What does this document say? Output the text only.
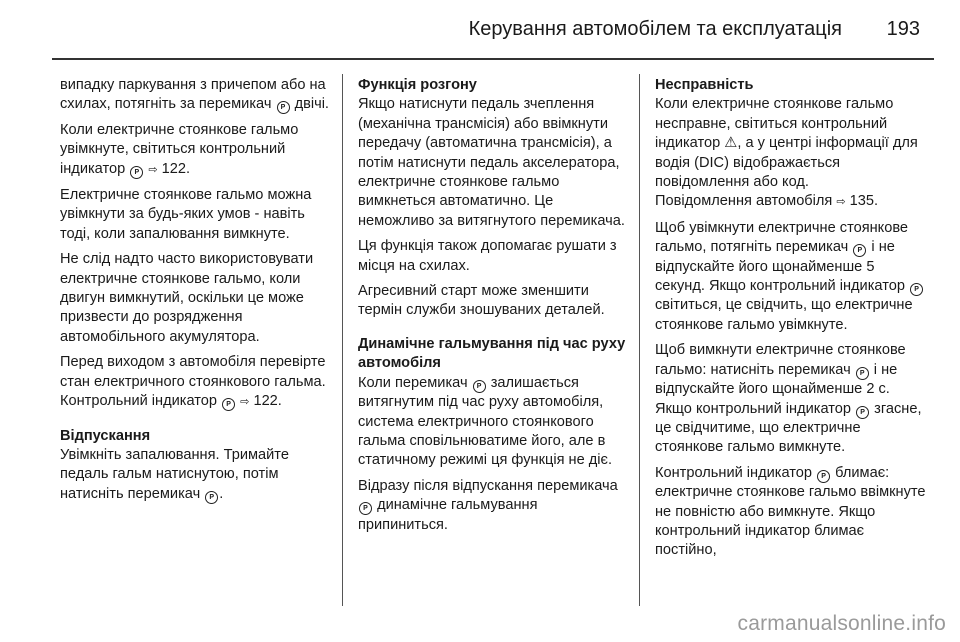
Керування автомобілем та експлуатація 193

випадку паркування з причепом або на схилах, потягніть за перемикач P двічі.

Коли електричне стоянкове гальмо увімкнуте, світиться контрольний індикатор P ⇨ 122.

Електричне стоянкове гальмо можна увімкнути за будь-яких умов - навіть тоді, коли запалювання вимкнуте.

Не слід надто часто використовувати електричне стоянкове гальмо, коли двигун вимкнутий, оскільки це може призвести до розрядження автомобільного акумулятора.

Перед виходом з автомобіля перевірте стан електричного стоянкового гальма. Контрольний індикатор P ⇨ 122.

Відпускання

Увімкніть запалювання. Тримайте педаль гальм натиснутою, потім натисніть перемикач P .

Функція розгону

Якщо натиснути педаль зчеплення (механічна трансмісія) або ввімкнути передачу (автоматична трансмісія), а потім натиснути педаль акселератора, електричне стоянкове гальмо вимкнеться автоматично. Це неможливо за витягнутого перемикача.

Ця функція також допомагає рушати з місця на схилах.

Агресивний старт може зменшити термін служби зношуваних деталей.

Динамічне гальмування під час руху автомобіля

Коли перемикач P залишається витягнутим під час руху автомобіля, система електричного стоянкового гальма сповільнюватиме його, але в статичному режимі ця функція не діє.

Відразу після відпускання перемикача P динамічне гальмування припиниться.

Несправність

Коли електричне стоянкове гальмо несправне, світиться контрольний індикатор ⚠, а у центрі інформації для водія (DIC) відображається повідомлення або код.
Повідомлення автомобіля ⇨ 135.

Щоб увімкнути електричне стоянкове гальмо, потягніть перемикач P і не відпускайте його щонайменше 5 секунд. Якщо контрольний індикатор P світиться, це свідчить, що електричне стоянкове гальмо увімкнуте.

Щоб вимкнути електричне стоянкове гальмо: натисніть перемикач P і не відпускайте його щонайменше 2 с. Якщо контрольний індикатор P згасне, це свідчитиме, що електричне стоянкове гальмо вимкнуте.

Контрольний індикатор P блимає: електричне стоянкове гальмо ввімкнуте не повністю або вимкнуте. Якщо контрольний індикатор блимає постійно,

carmanualsonline.info
